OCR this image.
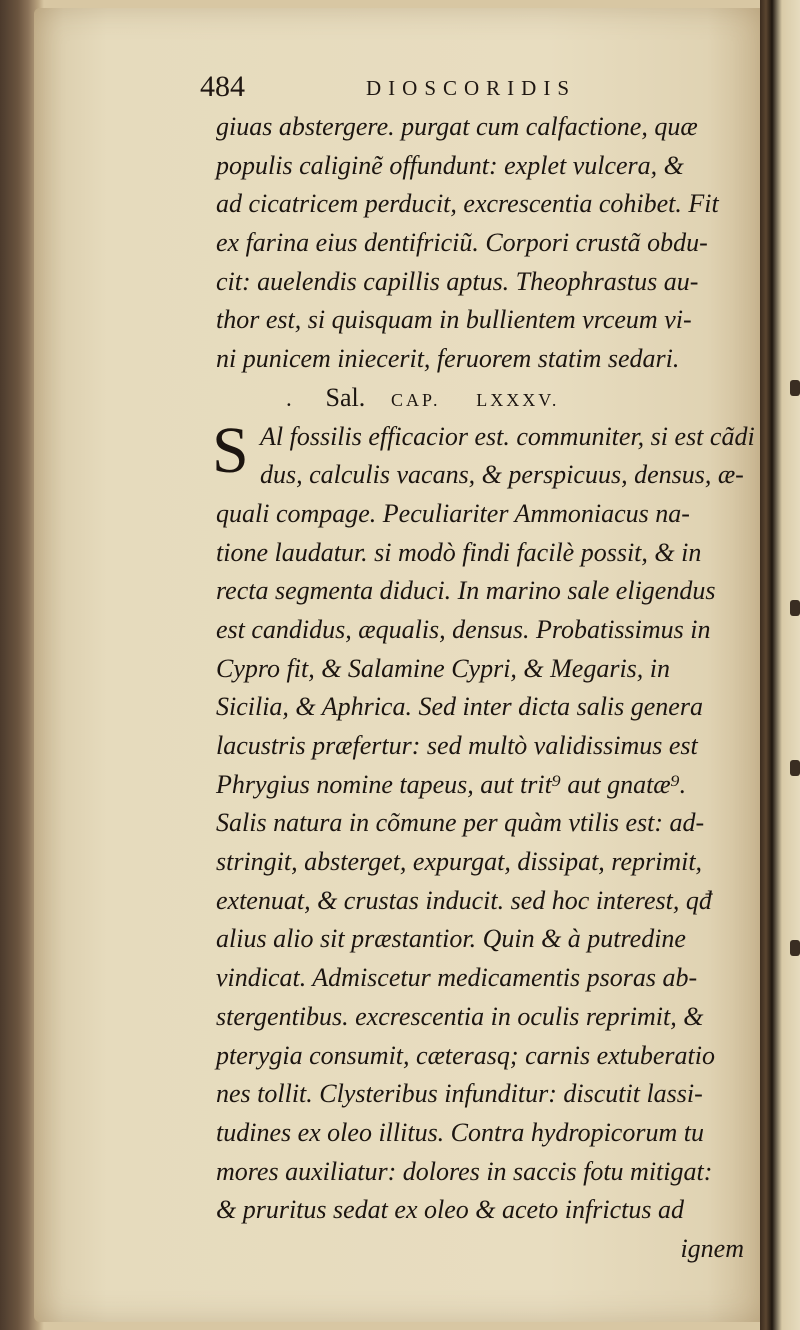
484	DIOSCORIDIS
giuas abstergere. purgat cum calfactione, quæ
populis caliginẽ offundunt: explet vulcera, &
ad cicatricem perducit, excrescentia cohibet. Fit
ex farina eius dentifriciũ. Corpori crustã obdu-
cit: auelendis capillis aptus. Theophrastus au-
thor est, si quisquam in bullientem vrceum vi-
ni punicem iniecerit, feruorem statim sedari.
. Sal. CAP. LXXXV.
S Al fossilis efficacior est. communiter, si est cãdi
dus, calculis vacans, & perspicuus, densus, æ-
quali compage. Peculiariter Ammoniacus na-
tione laudatur. si modò findi facilè possit, & in
recta segmenta diduci. In marino sale eligendus
est candidus, æqualis, densus. Probatissimus in
Cypro fit, & Salamine Cypri, & Megaris, in
Sicilia, & Aphrica. Sed inter dicta salis genera
lacustris præfertur: sed multò validissimus est
Phrygius nomine tapeus, aut trit⁹ aut gnatæ⁹.
Salis natura in cõmune per quàm vtilis est: ad-
stringit, absterget, expurgat, dissipat, reprimit,
extenuat, & crustas inducit. sed hoc interest, qđ
alius alio sit præstantior. Quin & à putredine
vindicat. Admiscetur medicamentis psoras ab-
stergentibus. excrescentia in oculis reprimit, &
pterygia consumit, cæterasq; carnis extuberatio
nes tollit. Clysteribus infunditur: discutit lassi-
tudines ex oleo illitus. Contra hydropicorum tu
mores auxiliatur: dolores in saccis fotu mitigat:
& pruritus sedat ex oleo & aceto infrictus ad
ignem
